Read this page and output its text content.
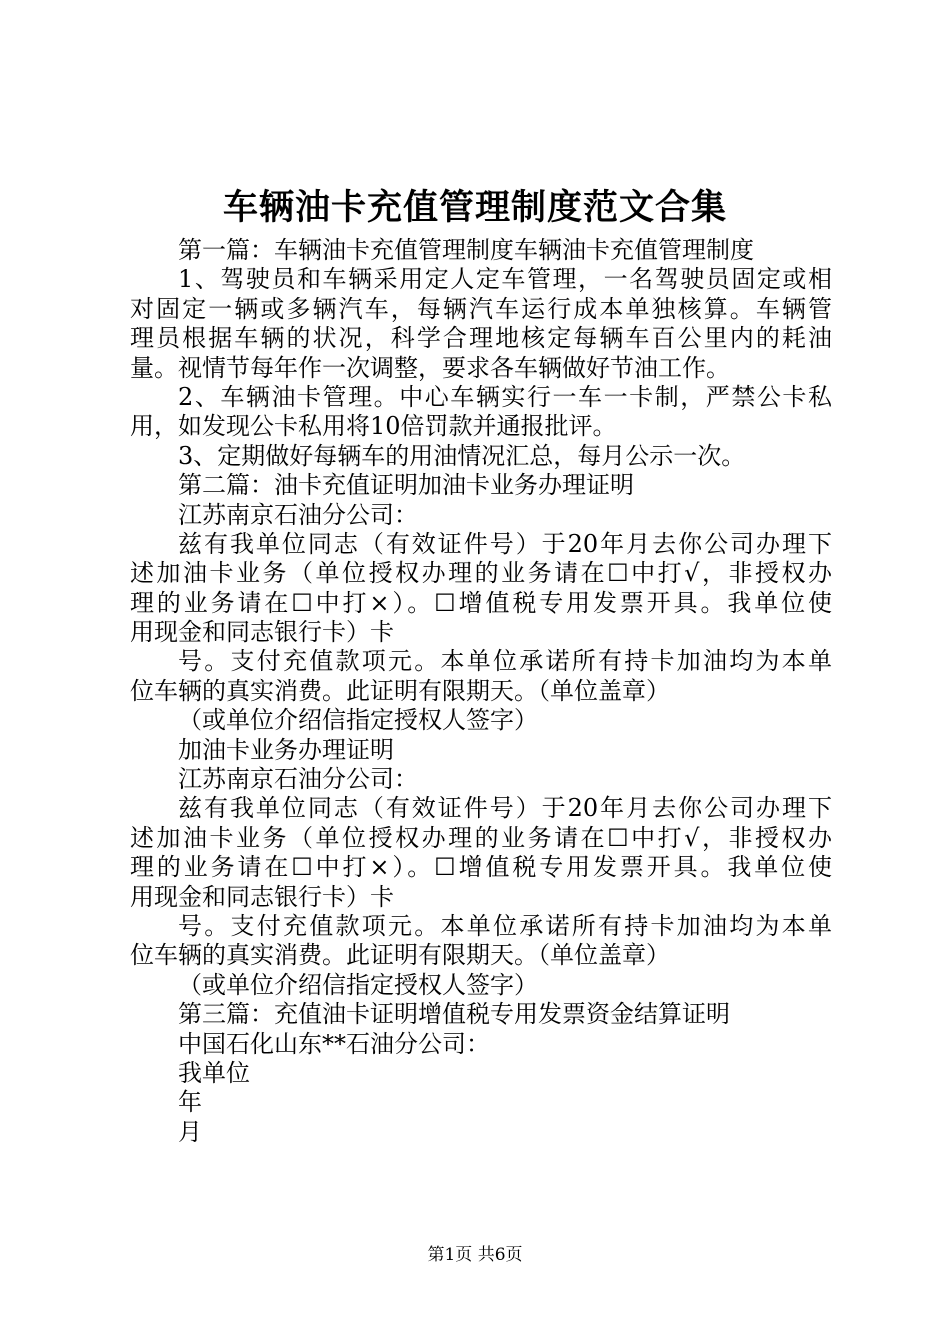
车辆油卡充值管理制度范文合集
第一篇：车辆油卡充值管理制度车辆油卡充值管理制度
1、驾驶员和车辆采用定人定车管理，一名驾驶员固定或相
对固定一辆或多辆汽车，每辆汽车运行成本单独核算。车辆管
理员根据车辆的状况，科学合理地核定每辆车百公里内的耗油
量。视情节每年作一次调整，要求各车辆做好节油工作。
2、车辆油卡管理。中心车辆实行一车一卡制，严禁公卡私
用，如发现公卡私用将10倍罚款并通报批评。
3、定期做好每辆车的用油情况汇总，每月公示一次。
第二篇：油卡充值证明加油卡业务办理证明
江苏南京石油分公司：
兹有我单位同志（有效证件号）于20年月去你公司办理下
述加油卡业务（单位授权办理的业务请在☐中打√，非授权办
理的业务请在☐中打×）。☐增值税专用发票开具。我单位使
用现金和同志银行卡）卡
号。支付充值款项元。本单位承诺所有持卡加油均为本单
位车辆的真实消费。此证明有限期天。（单位盖章）
（或单位介绍信指定授权人签字）
加油卡业务办理证明
江苏南京石油分公司：
兹有我单位同志（有效证件号）于20年月去你公司办理下
述加油卡业务（单位授权办理的业务请在☐中打√，非授权办
理的业务请在☐中打×）。☐增值税专用发票开具。我单位使
用现金和同志银行卡）卡
号。支付充值款项元。本单位承诺所有持卡加油均为本单
位车辆的真实消费。此证明有限期天。（单位盖章）
（或单位介绍信指定授权人签字）
第三篇：充值油卡证明增值税专用发票资金结算证明
中国石化山东**石油分公司：
我单位
年
月
第1页 共6页
